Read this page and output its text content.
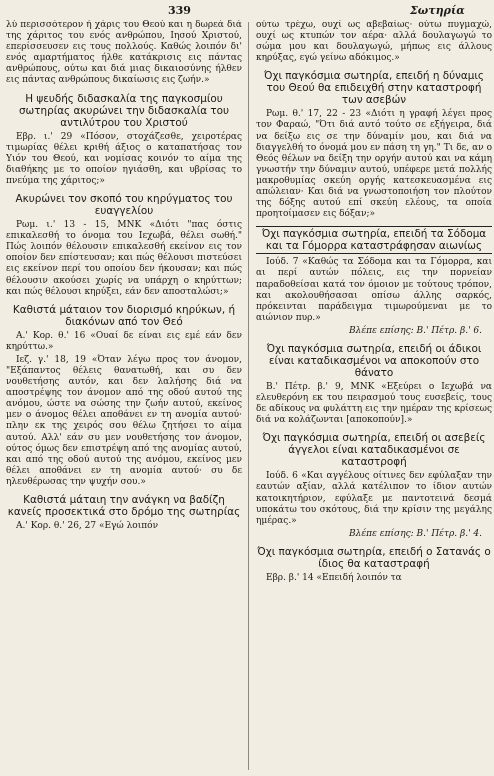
339	Σωτηρία

λύ περισσότερον ή χάρις του Θεού και η δωρεά διά της χάριτος του ενός ανθρώπου, Ιησού Χριστού, επερίσσευσεν εις τους πολλούς. Καθώς λοιπόν δι' ενός αμαρτήματος ήλθε κατάκρισις εις πάντας ανθρώπους, ούτω και διά μιας δικαιοσύνης ήλθεν εις πάντας ανθρώπους δικαίωσις εις ζωήν.»

Η ψευδής διδασκαλία της παγκοσμίου σωτηρίας ακυρώνει την διδασκαλία του αντιλύτρου του Χριστού

Εβρ. ι.' 29 «Πόσον, στοχάζεσθε, χειροτέρας τιμωρίας θέλει κριθή άξιος ο καταπατήσας τον Υιόν του Θεού, και νομίσας κοινόν το αίμα της διαθήκης με το οποίον ηγιάσθη, και υβρίσας το πνεύμα της χάριτος;»

Ακυρώνει τον σκοπό του κηρύγματος του ευαγγελίου

Ρωμ. ι.' 13 - 15, ΜΝΚ «Διότι "πας όστις επικαλεσθή το όνομα του Ιεχωβά, θέλει σωθή." Πώς λοιπόν θέλουσιν επικαλεσθή εκείνον εις τον οποίον δεν επίστευσαν; και πώς θέλουσι πιστεύσει εις εκείνον περί του οποίου δεν ήκουσαν; και πώς θέλουσιν ακούσει χωρίς να υπάρχη ο κηρύττων; και πώς θέλουσι κηρύξει, εάν δεν αποσταλώσι;»

Καθιστά μάταιον τον διορισμό κηρύκων, ή διακόνων από τον Θεό

Α.' Κορ. θ.' 16 «Ουαί δε είναι εις εμέ εάν δεν κηρύττω.»

Ιεζ. γ.' 18, 19 «Όταν λέγω προς τον άνομον, "Εξάπαντος θέλεις θανατωθή, και συ δεν νουθετήσης αυτόν, και δεν λαλήσης διά να αποστρέψης τον άνομον από της οδού αυτού της ανόμου, ώστε να σώσης την ζωήν αυτού, εκείνος μεν ο άνομος θέλει αποθάνει εν τη ανομία αυτού· πλην εκ της χειρός σου θέλω ζητήσει το αίμα αυτού. Αλλ' εάν συ μεν νουθετήσης τον άνομον, ούτος όμως δεν επιστρέψη από της ανομίας αυτού, και από της οδού αυτού της ανόμου, εκείνος μεν θέλει αποθάνει εν τη ανομία αυτού· συ δε ηλευθέρωσας την ψυχήν σου.»

Καθιστά μάταιη την ανάγκη να βαδίζη κανείς προσεκτικά στο δρόμο της σωτηρίας

Α.' Κορ. θ.' 26, 27 «Εγώ λοιπόν

ούτω τρέχω, ουχί ως αβεβαίως· ούτω πυγμαχώ, ουχί ως κτυπών τον αέρα· αλλά δουλαγωγώ το σώμα μου και δουλαγωγώ, μήπως εις άλλους κηρύξας, εγώ γείνω αδόκιμος.»

Όχι παγκόσμια σωτηρία, επειδή η δύναμις του Θεού θα επιδειχθή στην καταστροφή των ασεβών

Ρωμ. θ.' 17, 22 - 23 «Διότι η γραφή λέγει προς τον Φαραώ, "Ότι διά αυτό τούτο σε εξήγειρα, διά να δείξω εις σε την δύναμίν μου, και διά να διαγγελθή το όνομά μου εν πάση τη γη." Τι δε, αν ο Θεός θέλων να δείξη την οργήν αυτού και να κάμη γνωστήν την δύναμιν αυτού, υπέφερε μετά πολλής μακροθυμίας σκεύη οργής κατεσκευασμένα εις απώλειαν· Και διά να γνωστοποιήση τον πλούτον της δόξης αυτού επί σκεύη ελέους, τα οποία προητοίμασεν εις δόξαν;»

Όχι παγκόσμια σωτηρία, επειδή τα Σόδομα και τα Γόμορρα καταστράφησαν αιωνίως

Ιούδ. 7 «Καθώς τα Σόδομα και τα Γόμορρα, και αι περί αυτών πόλεις, εις την πορνείαν παραδοθείσαι κατά τον όμοιον με τούτους τρόπον, και ακολουθήσασαι οπίσω άλλης σαρκός, πρόκεινται παράδειγμα τιμωρούμεναι με το αιώνιον πυρ.»

Βλέπε επίσης: Β.' Πέτρ. β.' 6.

Όχι παγκόσμια σωτηρία, επειδή οι άδικοι είναι καταδικασμένοι να αποκοπούν στο θάνατο

Β.' Πέτρ. β.' 9, ΜΝΚ «Εξεύρει ο Ιεχωβά να ελευθερόνη εκ του πειρασμού τους ευσεβείς, τους δε αδίκους να φυλάττη εις την ημέραν της κρίσεως διά να κολάζωνται [αποκοπούν].»

Όχι παγκόσμια σωτηρία, επειδή οι ασεβείς άγγελοι είναι καταδικασμένοι σε καταστροφή

Ιούδ. 6 «Και αγγέλους οίτινες δεν εφύλαξαν την εαυτών αξίαν, αλλά κατέλιπον το ίδιον αυτών κατοικητήριον, εφύλαξε με παντοτεινά δεσμά υποκάτω του σκότους, διά την κρίσιν της μεγάλης ημέρας.»

Βλέπε επίσης: Β.' Πέτρ. β.' 4.

Όχι παγκόσμια σωτηρία, επειδή ο Σατανάς ο ίδιος θα καταστραφή

Εβρ. β.' 14 «Επειδή λοιπόν τα
